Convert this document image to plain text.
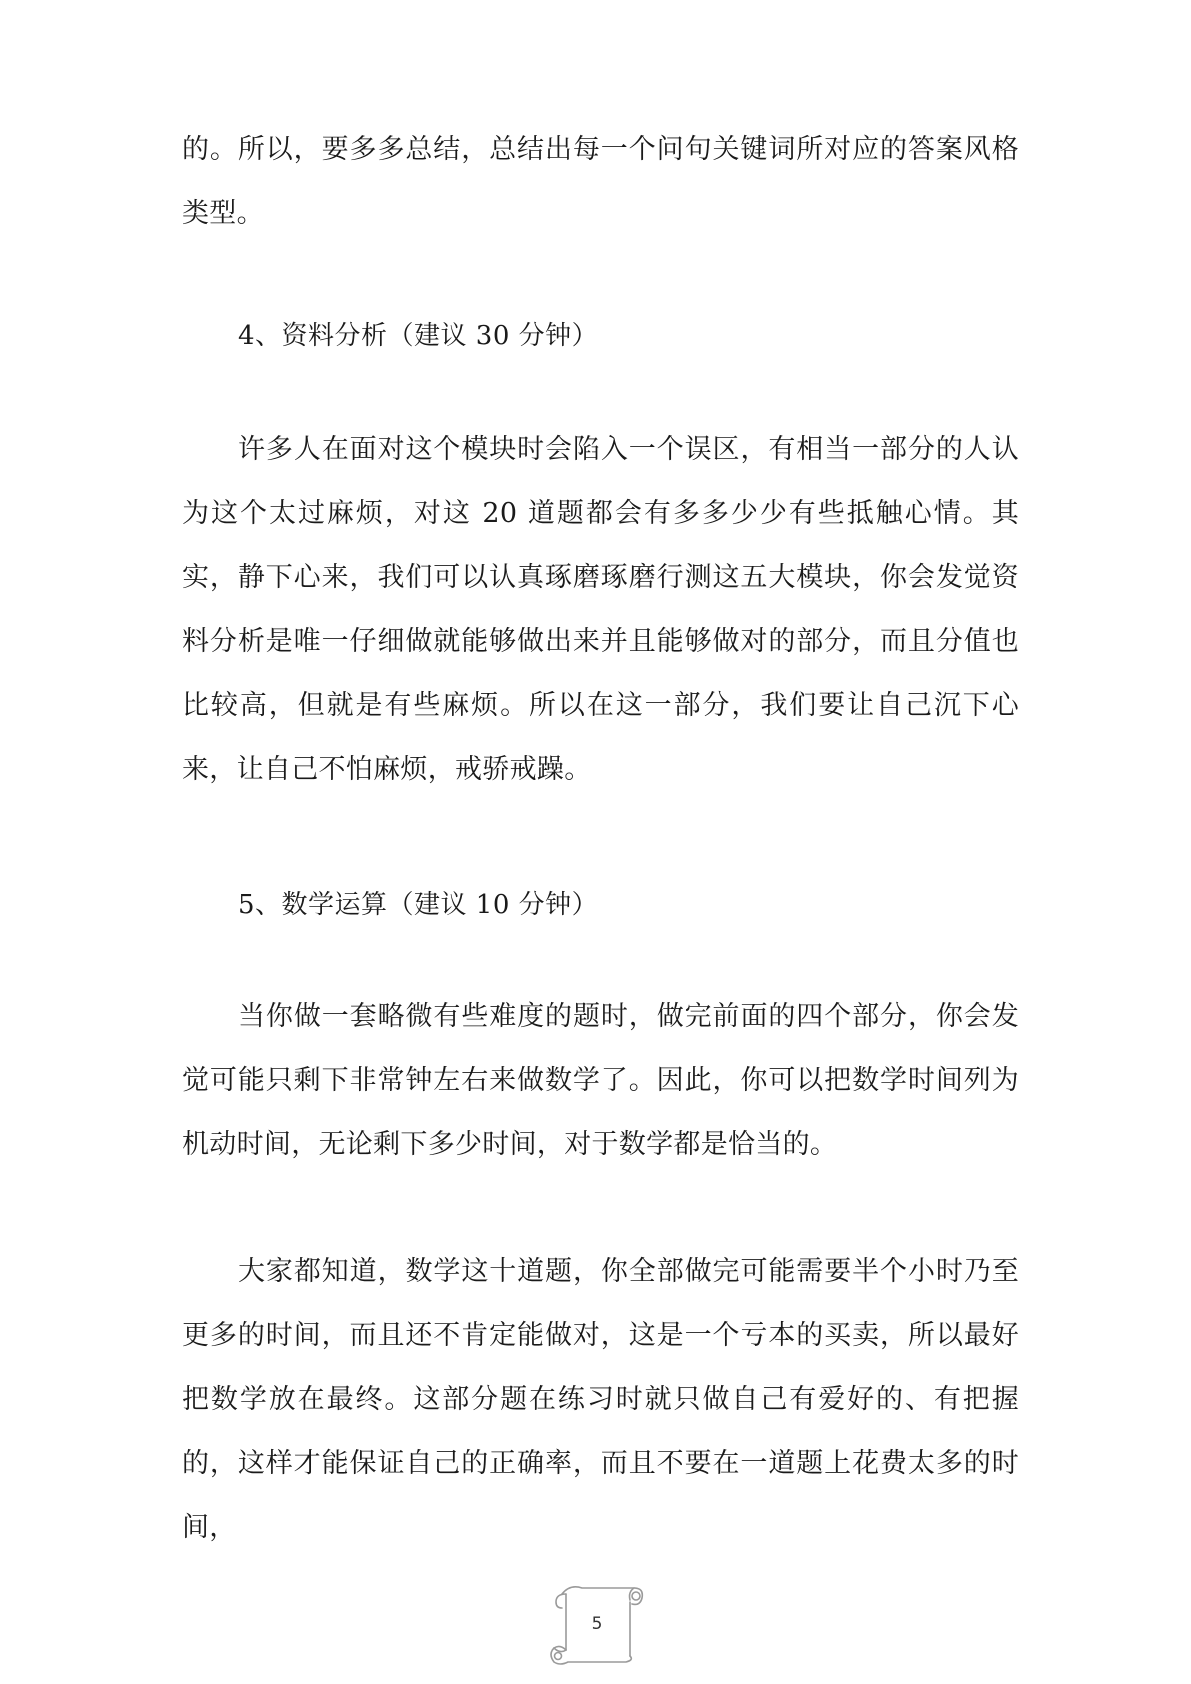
的。所以，要多多总结，总结出每一个问句关键词所对应的答案风格类型。

4、资料分析（建议 30 分钟）

许多人在面对这个模块时会陷入一个误区，有相当一部分的人认为这个太过麻烦，对这 20 道题都会有多多少少有些抵触心情。其实，静下心来，我们可以认真琢磨琢磨行测这五大模块，你会发觉资料分析是唯一仔细做就能够做出来并且能够做对的部分，而且分值也比较高，但就是有些麻烦。所以在这一部分，我们要让自己沉下心来，让自己不怕麻烦，戒骄戒躁。

5、数学运算（建议 10 分钟）

当你做一套略微有些难度的题时，做完前面的四个部分，你会发觉可能只剩下非常钟左右来做数学了。因此，你可以把数学时间列为机动时间，无论剩下多少时间，对于数学都是恰当的。

大家都知道，数学这十道题，你全部做完可能需要半个小时乃至更多的时间，而且还不肯定能做对，这是一个亏本的买卖，所以最好把数学放在最终。这部分题在练习时就只做自己有爱好的、有把握的，这样才能保证自己的正确率，而且不要在一道题上花费太多的时间，

5
